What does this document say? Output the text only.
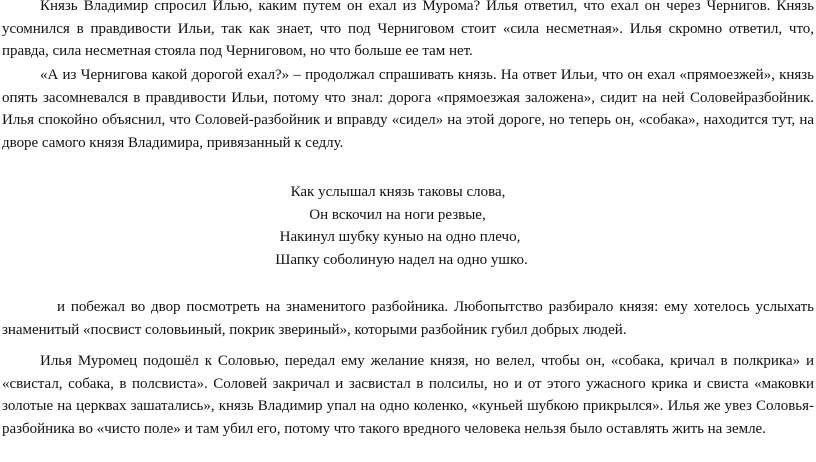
Князь Владимир спросил Илью, каким путем он ехал из Мурома? Илья ответил, что ехал он через Чернигов. Князь усомнился в правдивости Ильи, так как знает, что под Черниговом стоит «сила несметная». Илья скромно ответил, что, правда, сила несметная стояла под Черниговом, но что больше ее там нет.

«А из Чернигова какой дорогой ехал?» – продолжал спрашивать князь. На ответ Ильи, что он ехал «прямоезжей», князь опять засомневался в правдивости Ильи, потому что знал: дорога «прямоезжая заложена», сидит на ней Соловейразбойник. Илья спокойно объяснил, что Соловей-разбойник и вправду «сидел» на этой дороге, но теперь он, «собака», находится тут, на дворе самого князя Владимира, привязанный к седлу.

Как услышал князь таковы слова,
Он вскочил на ноги резвые,
Накинул шубку куныо на одно плечо,
Шапку соболиную надел на одно ушко.

и побежал во двор посмотреть на знаменитого разбойника. Любопытство разбирало князя: ему хотелось услыхать знаменитый «посвист соловьиный, покрик звериный», которыми разбойник губил добрых людей.

Илья Муромец подошёл к Соловью, передал ему желание князя, но велел, чтобы он, «собака, кричал в полкрика» и «свистал, собака, в полсвиста». Соловей закричал и засвистал в полсилы, но и от этого ужасного крика и свиста «маковки золотые на церквах зашатались», князь Владимир упал на одно коленко, «куньей шубкою прикрылся». Илья же увез Соловья-разбойника во «чисто поле» и там убил его, потому что такого вредного человека нельзя было оставлять жить на земле.
